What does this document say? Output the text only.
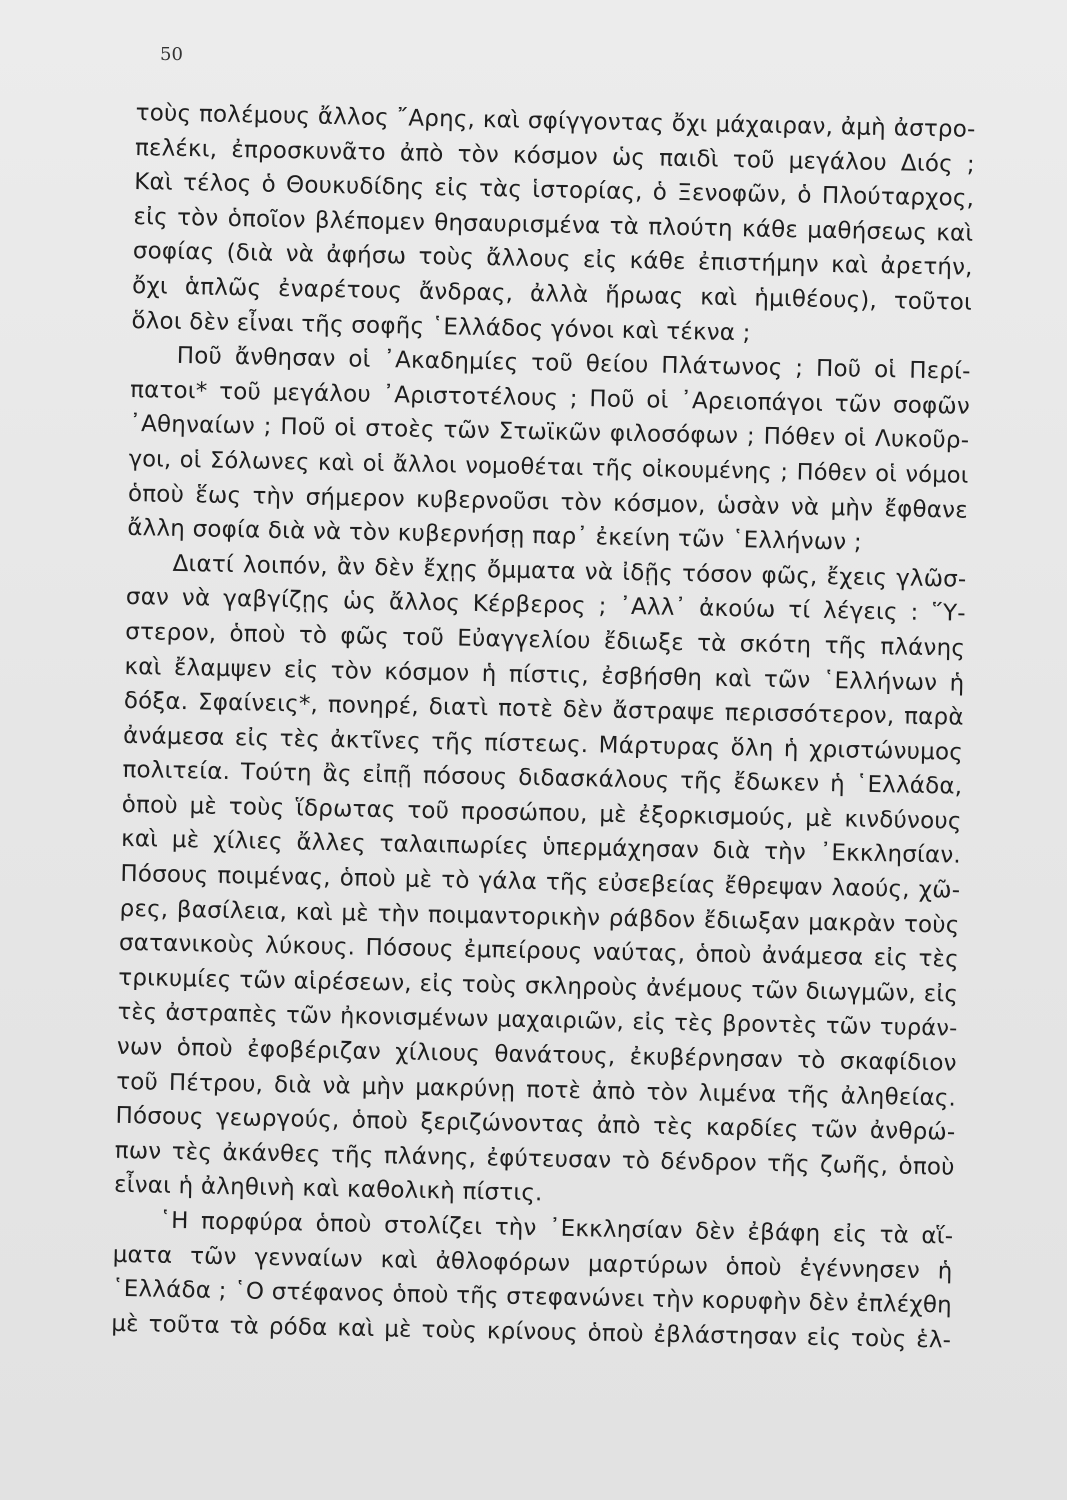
50
τοὺς πολέμους ἄλλος ῎Αρης, καὶ σφίγγοντας ὄχι μάχαιραν, ἀμὴ ἀστρο-
πελέκι, ἐπροσκυνᾶτο ἀπὸ τὸν κόσμον ὡς παιδὶ τοῦ μεγάλου Διός ;
Καὶ τέλος ὁ Θουκυδίδης εἰς τὰς ἱστορίας, ὁ Ξενοφῶν, ὁ Πλούταρχος,
εἰς τὸν ὁποῖον βλέπομεν θησαυρισμένα τὰ πλούτη κάθε μαθήσεως καὶ
σοφίας (διὰ νὰ ἀφήσω τοὺς ἄλλους εἰς κάθε ἐπιστήμην καὶ ἀρετήν,
ὄχι ἁπλῶς ἐναρέτους ἄνδρας, ἀλλὰ ἥρωας καὶ ἡμιθέους), τοῦτοι
ὅλοι δὲν εἶναι τῆς σοφῆς ῾Ελλάδος γόνοι καὶ τέκνα ;
Ποῦ ἄνθησαν οἱ ᾿Ακαδημίες τοῦ θείου Πλάτωνος ; Ποῦ οἱ Περί-
πατοι* τοῦ μεγάλου ᾿Αριστοτέλους ; Ποῦ οἱ ᾿Αρειοπάγοι τῶν σοφῶν
᾿Αθηναίων ; Ποῦ οἱ στοὲς τῶν Στωϊκῶν φιλοσόφων ; Πόθεν οἱ Λυκοῦρ-
γοι, οἱ Σόλωνες καὶ οἱ ἄλλοι νομοθέται τῆς οἰκουμένης ; Πόθεν οἱ νόμοι
ὁποὺ ἕως τὴν σήμερον κυβερνοῦσι τὸν κόσμον, ὡσὰν νὰ μὴν ἔφθανε
ἄλλη σοφία διὰ νὰ τὸν κυβερνήσῃ παρ᾿ ἐκείνη τῶν ῾Ελλήνων ;
Διατί λοιπόν, ἂν δὲν ἔχῃς ὄμματα νὰ ἰδῇς τόσον φῶς, ἔχεις γλῶσ-
σαν νὰ γαβγίζῃς ὡς ἄλλος Κέρβερος ; ᾿Αλλ᾿ ἀκούω τί λέγεις : ῞Υ-
στερον, ὁποὺ τὸ φῶς τοῦ Εὐαγγελίου ἔδιωξε τὰ σκότη τῆς πλάνης
καὶ ἔλαμψεν εἰς τὸν κόσμον ἡ πίστις, ἐσβήσθη καὶ τῶν ῾Ελλήνων ἡ
δόξα. Σφαίνεις*, πονηρέ, διατὶ ποτὲ δὲν ἄστραψε περισσότερον, παρὰ
ἀνάμεσα εἰς τὲς ἀκτῖνες τῆς πίστεως. Μάρτυρας ὅλη ἡ χριστώνυμος
πολιτεία. Τούτη ἂς εἰπῇ πόσους διδασκάλους τῆς ἔδωκεν ἡ ῾Ελλάδα,
ὁποὺ μὲ τοὺς ἵδρωτας τοῦ προσώπου, μὲ ἐξορκισμούς, μὲ κινδύνους
καὶ μὲ χίλιες ἄλλες ταλαιπωρίες ὑπερμάχησαν διὰ τὴν ᾿Εκκλησίαν.
Πόσους ποιμένας, ὁποὺ μὲ τὸ γάλα τῆς εὐσεβείας ἔθρεψαν λαούς, χῶ-
ρες, βασίλεια, καὶ μὲ τὴν ποιμαντορικὴν ράβδον ἔδιωξαν μακρὰν τοὺς
σατανικοὺς λύκους. Πόσους ἐμπείρους ναύτας, ὁποὺ ἀνάμεσα εἰς τὲς
τρικυμίες τῶν αἱρέσεων, εἰς τοὺς σκληροὺς ἀνέμους τῶν διωγμῶν, εἰς
τὲς ἀστραπὲς τῶν ἠκονισμένων μαχαιριῶν, εἰς τὲς βροντὲς τῶν τυράν-
νων ὁποὺ ἐφοβέριζαν χίλιους θανάτους, ἐκυβέρνησαν τὸ σκαφίδιον
τοῦ Πέτρου, διὰ νὰ μὴν μακρύνῃ ποτὲ ἀπὸ τὸν λιμένα τῆς ἀληθείας.
Πόσους γεωργούς, ὁποὺ ξεριζώνοντας ἀπὸ τὲς καρδίες τῶν ἀνθρώ-
πων τὲς ἀκάνθες τῆς πλάνης, ἐφύτευσαν τὸ δένδρον τῆς ζωῆς, ὁποὺ
εἶναι ἡ ἀληθινὴ καὶ καθολικὴ πίστις.
῾Η πορφύρα ὁποὺ στολίζει τὴν ᾿Εκκλησίαν δὲν ἐβάφη εἰς τὰ αἵ-
ματα τῶν γενναίων καὶ ἀθλοφόρων μαρτύρων ὁποὺ ἐγέννησεν ἡ
῾Ελλάδα ; ῾Ο στέφανος ὁποὺ τῆς στεφανώνει τὴν κορυφὴν δὲν ἐπλέχθη
μὲ τοῦτα τὰ ρόδα καὶ μὲ τοὺς κρίνους ὁποὺ ἐβλάστησαν εἰς τοὺς ἑλ-
